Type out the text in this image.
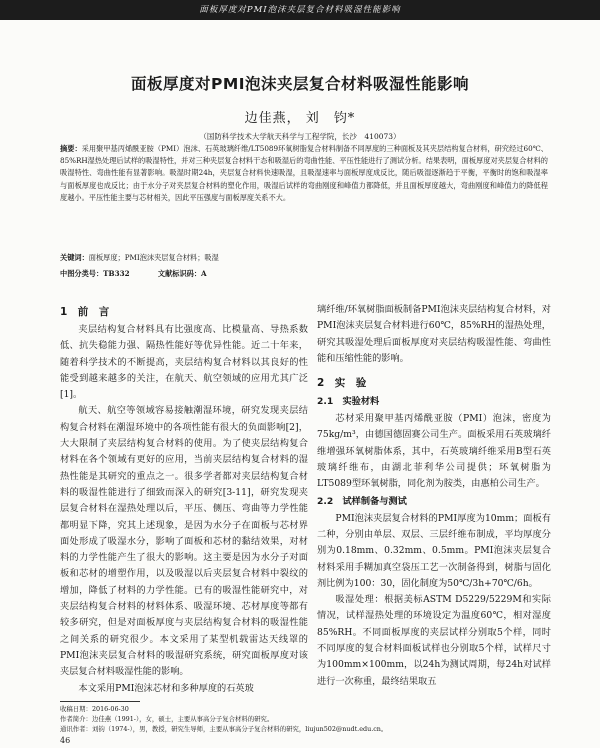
面板厚度对PMI泡沫夹层复合材料吸湿性能影响
面板厚度对PMI泡沫夹层复合材料吸湿性能影响
边佳燕， 刘　钧*
（国防科学技术大学航天科学与工程学院，长沙　410073）
摘要：采用聚甲基丙烯酰亚胺（PMI）泡沫、石英玻璃纤维/LT5089环氧树脂复合材料制备不同厚度的三种面板及其夹层结构复合材料，研究经过60℃、85%RH湿热处理后试样的吸湿特性，并对三种夹层复合材料干态和吸湿后的弯曲性能、平压性能进行了测试分析。结果表明，面板厚度对夹层复合材料的吸湿特性、弯曲性能有显著影响。吸湿时期24h，夹层复合材料快速吸湿，且吸湿速率与面板厚度成反比，随后吸湿逐渐趋于平衡，平衡时的饱和吸湿率与面板厚度也成反比；由于水分子对夹层复合材料的塑化作用，吸湿后试样的弯曲刚度和峰值力都降低，并且面板厚度越大，弯曲刚度和峰值力的降低程度越小。平压性能主要与芯材相关，因此平压强度与面板厚度关系不大。
关键词：面板厚度；PMI泡沫夹层复合材料；吸湿
中图分类号：TB332	文献标识码：A
1　前　言

夹层结构复合材料具有比强度高、比模量高、导热系数低、抗失稳能力强、隔热性能好等优异性能。近二十年来，随着科学技术的不断提高，夹层结构复合材料以其良好的性能受到越来越多的关注，在航天、航空领域的应用尤其广泛[1]。

航天、航空等领域容易接触潮湿环境，研究发现夹层结构复合材料在潮湿环境中的各项性能有很大的负面影响[2]，大大限制了夹层结构复合材料的使用。为了使夹层结构复合材料在各个领域有更好的应用，当前夹层结构复合材料的湿热性能是其研究的重点之一。很多学者都对夹层结构复合材料的吸湿性能进行了细致而深入的研究[3-11]，研究发现夹层复合材料在湿热处理以后，平压、侧压、弯曲等力学性能都明显下降，究其上述现象，是因为水分子在面板与芯材界面处形成了吸湿水分，影响了面板和芯材的黏结效果，对材料的力学性能产生了很大的影响。这主要是因为水分子对面板和芯材的增塑作用，以及吸湿以后夹层复合材料中裂纹的增加，降低了材料的力学性能。已有的吸湿性能研究中，对夹层结构复合材料的材料体系、吸湿环境、芯材厚度等都有较多研究，但是对面板厚度与夹层结构复合材料的吸湿性能之间关系的研究很少。本文采用了某型机载雷达天线罩的PMI泡沫夹层复合材料的吸湿研究系统，研究面板厚度对该夹层复合材料吸湿性能的影响。

本文采用PMI泡沫芯材和多种厚度的石英玻

璃纤维/环氧树脂面板制备PMI泡沫夹层结构复合材料，对PMI泡沫夹层复合材料进行60℃，85%RH的湿热处理，研究其吸湿处理后面板厚度对夹层结构吸湿性能、弯曲性能和压缩性能的影响。

2　实　验
2.1　实验材料

芯材采用聚甲基丙烯酰亚胺（PMI）泡沫，密度为75kg/m³，由德国德固赛公司生产。面板采用石英玻璃纤维增强环氧树脂体系，其中，石英玻璃纤维采用B型石英玻璃纤维布，由湖北菲利华公司提供；环氧树脂为LT5089型环氧树脂，同化剂为胺类，由惠柏公司生产。

2.2　试样制备与测试

PMI泡沫夹层复合材料的PMI厚度为10mm；面板有二种，分别由单层、双层、三层纤维布制成，平均厚度分别为0.18mm、0.32mm、0.5mm。PMI泡沫夹层复合材料采用手糊加真空袋压工艺一次制备得到，树脂与固化剂比例为100：30，固化制度为50℃/3h+70℃/6h。

吸湿处理：根据美标ASTM D5229/5229M和实际情况，试样湿热处理的环境设定为温度60℃，相对湿度85%RH。不同面板厚度的夹层试样分别取5个样，同时不同厚度的复合材料面板试样也分别取5个样，试样尺寸为100mm×100mm，以24h为测试周期，每24h对试样进行一次称重，最终结果取五

收稿日期：2016-06-30
作者简介：边佳燕（1991-），女，硕士，主要从事高分子复合材料的研究。
通讯作者：刘钧（1974-），男，教授，研究生导师，主要从事高分子复合材料的研究，liujun502@nudt.edu.cn。
46
